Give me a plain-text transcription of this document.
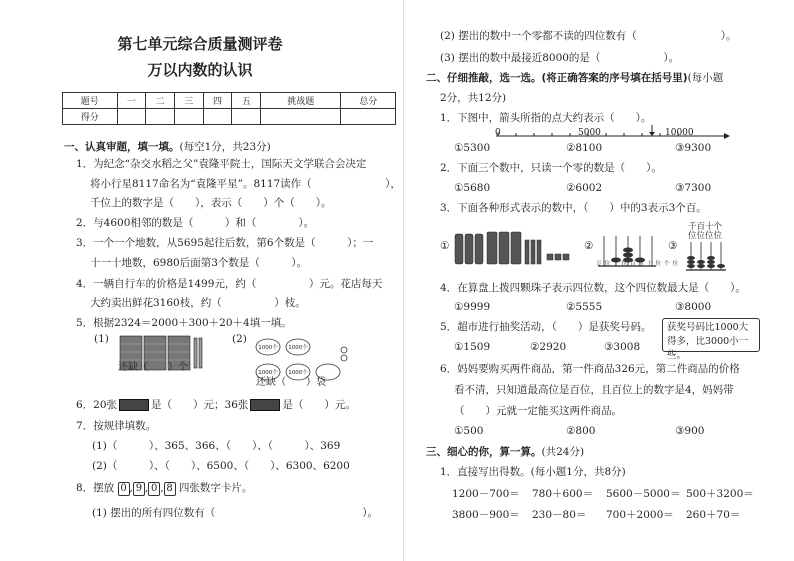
第七单元综合质量测评卷
万以内数的认识
题号	一	二	三	四	五	挑战题	总分
得分							
一、认真审题，填一填。(每空1分，共23分)
1．为纪念“杂交水稻之父”袁隆平院士，国际天文学联合会决定
将小行星8117命名为“袁隆平星”。8117读作（　　　　　　　），
千位上的数字是（　　），表示（　　）个（　　）。
2．与4600相邻的数是（　　　）和（　　　　）。
3．一个一个地数，从5695起往后数，第6个数是（　　　）；一
十一十地数，6980后面第3个数是（　　　）。
4．一辆自行车的价格是1499元，约（　　　　　）元。花店每天
大约卖出鲜花3160枝，约（　　　　　）枝。
5．根据2324＝2000＋300＋20＋4填一填。
(1)
还缺（　　）个
(2)
1000个 1000个
1000个 1000个
还缺（　　）袋
6．20张	是（　　）元；36张	是（　　）元。
7．按规律填数。
(1)（　　　）、365、366、（　　）、（　　　）、369
(2)（　　　）、（　　）、6500、（　　）、6300、6200
8．摆放 0 , 9 , 0 , 8 四张数字卡片。
(1) 摆出的所有四位数有（　　　　　　　　　　　　　　）。
(2) 摆出的数中一个零都不读的四位数有（　　　　　　　　）。
(3) 摆出的数中最接近8000的是（　　　　　　）。
二、仔细推敲，选一选。(将正确答案的序号填在括号里)(每小题
2分，共12分)
1．下图中，箭头所指的点大约表示（　　）。
0	5000	10000
①5300	②8100	③9300
2．下面三个数中，只读一个零的数是（　　）。
①5680	②6002	③7300
3．下面各种形式表示的数中，（　　）中的3表示3个百。
①	②
万位千位百位十位个位
③
千百十个
位位位位
4．在算盘上拨四颗珠子表示四位数，这个四位数最大是（　　）。
①9999	②5555	③8000
5．超市进行抽奖活动，（　　）是获奖号码。	获奖号码比1000大得多，比3000小一些。
①1509	②2920	③3008
6．妈妈要购买两件商品，第一件商品326元，第二件商品的价格
看不清，只知道最高位是百位，且百位上的数字是4，妈妈带
（　　）元就一定能买这两件商品。
①500	②800	③900
三、细心的你，算一算。(共24分)
1．直接写出得数。(每小题1分，共8分)
1200－700＝ 780＋600＝ 5600－5000＝ 500＋3200＝
3800－900＝ 230－80＝ 700＋2000＝ 260＋70＝
